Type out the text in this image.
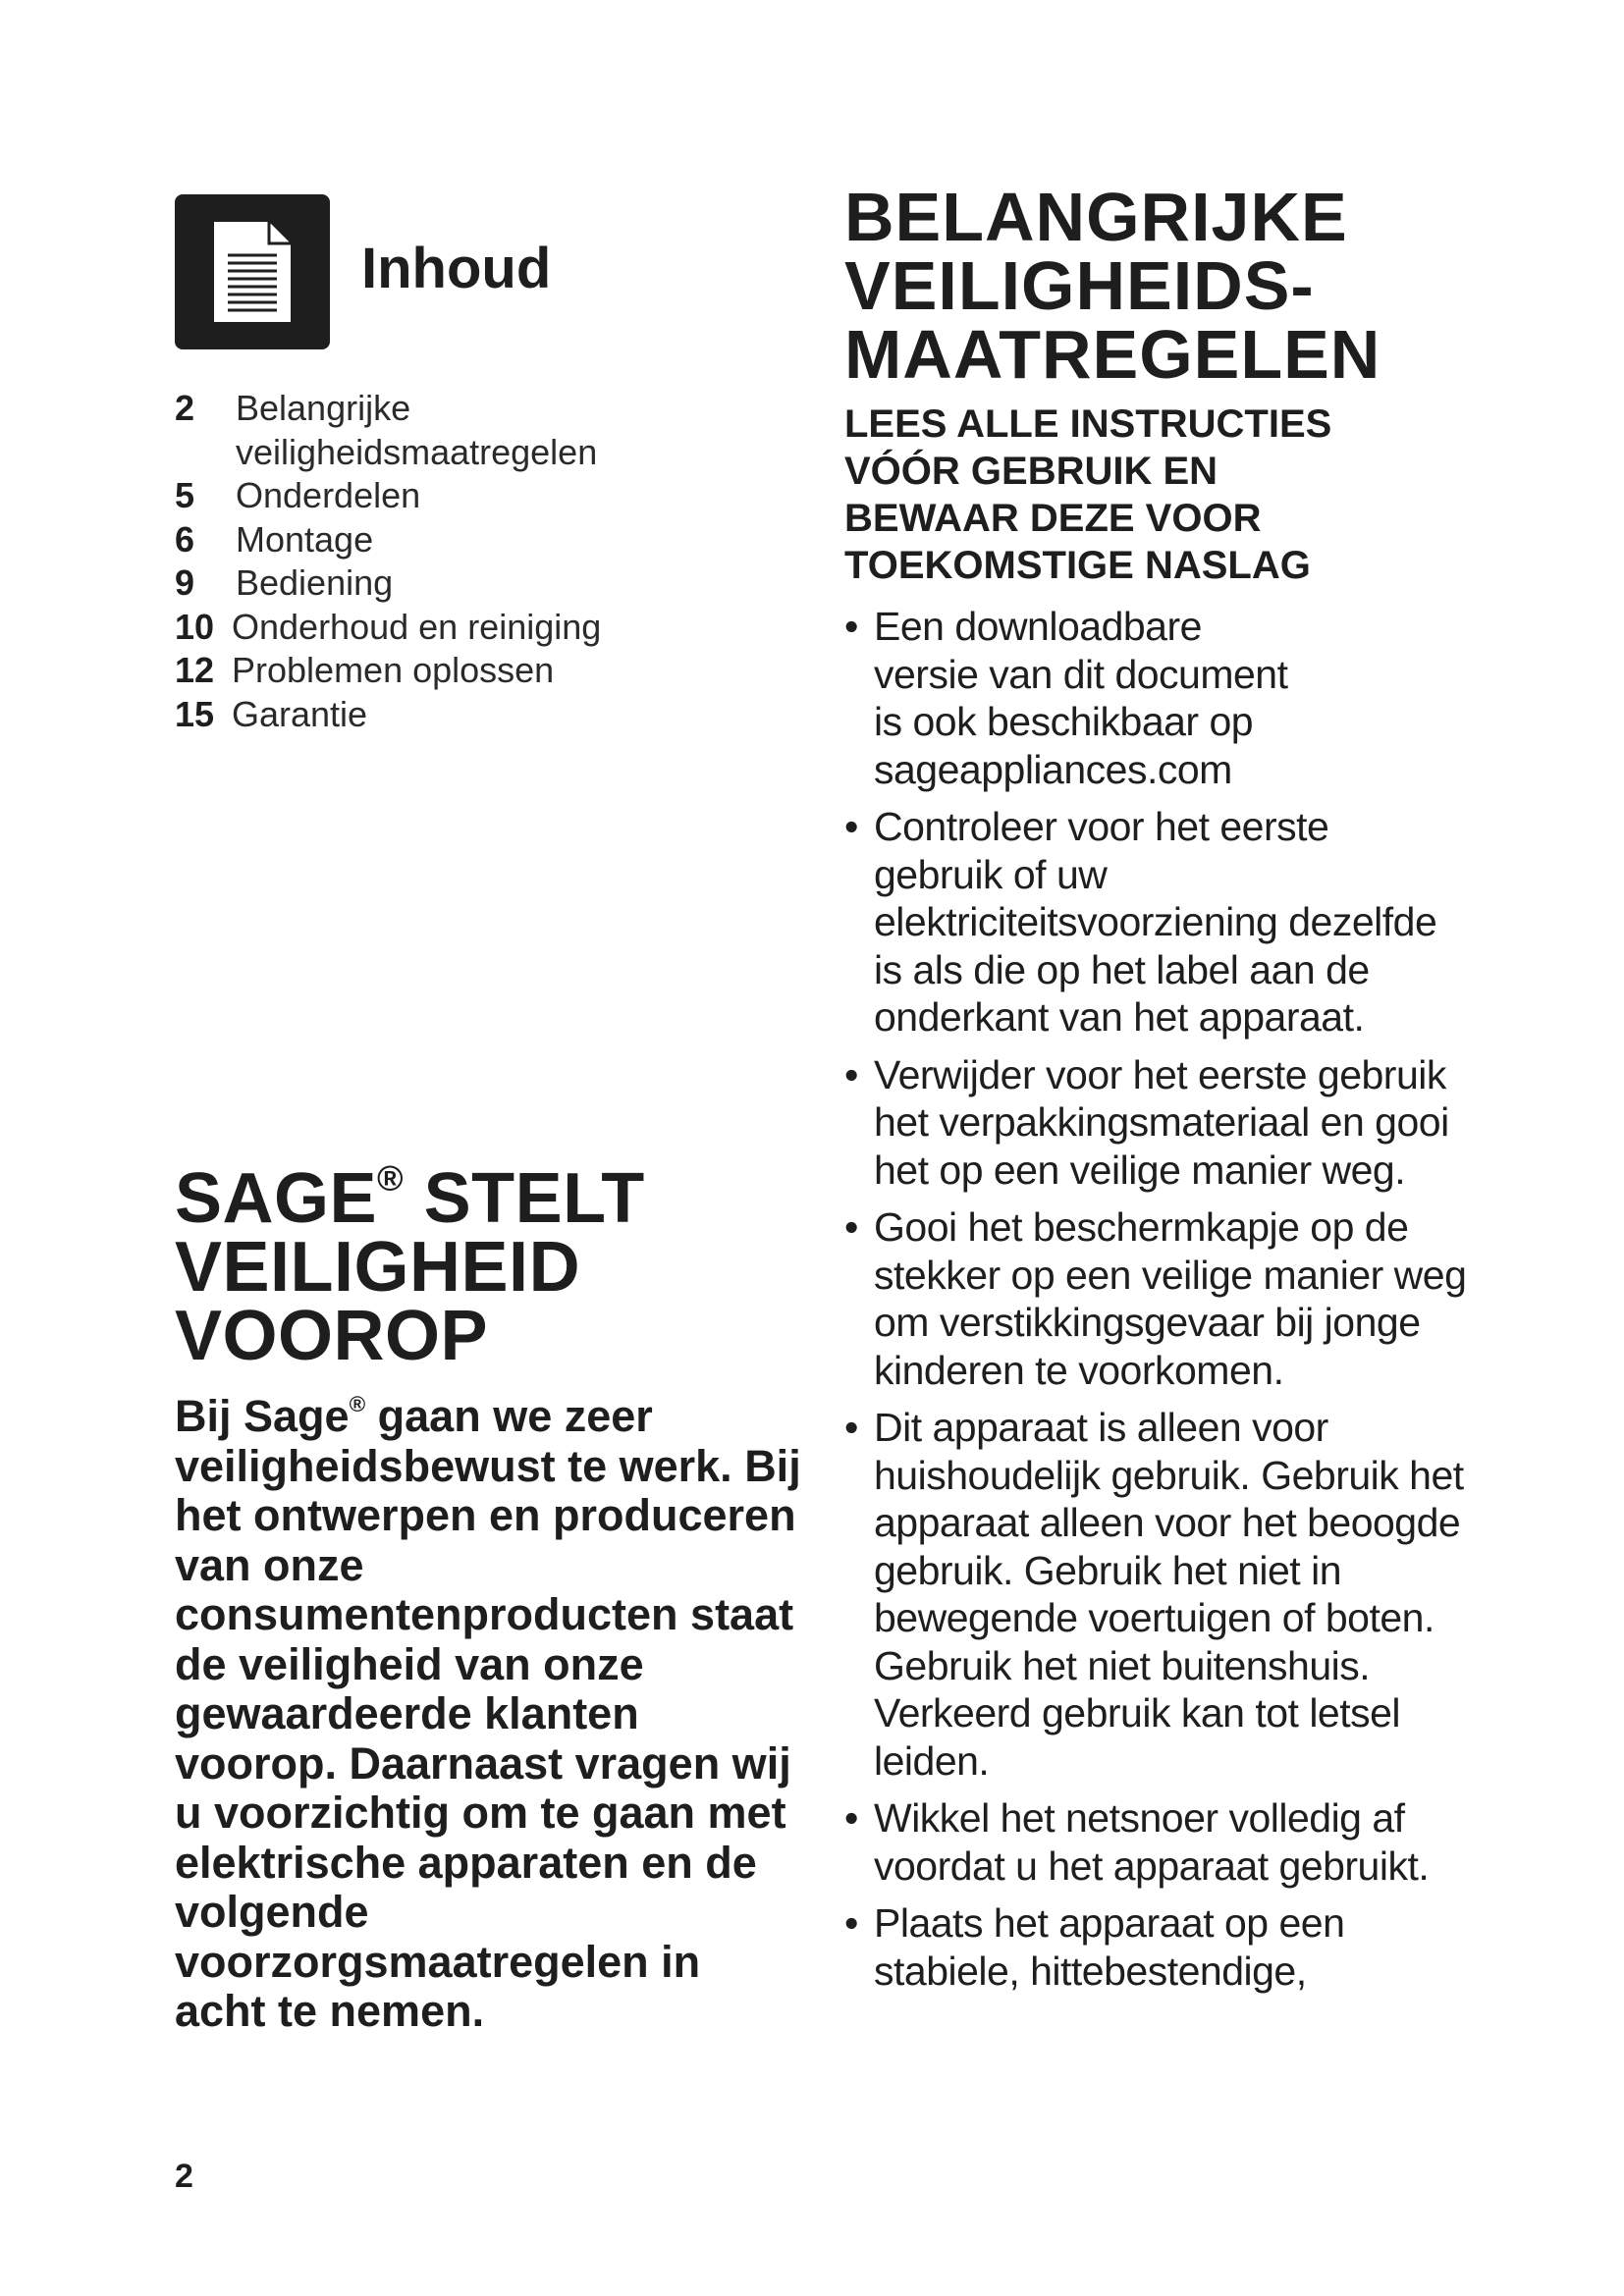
Inhoud
2	Belangrijke veiligheidsmaatregelen
5	Onderdelen
6	Montage
9	Bediening
10 Onderhoud en reiniging
12 Problemen oplossen
15 Garantie
SAGE® STELT
VEILIGHEID
VOOROP

Bij Sage® gaan we zeer veiligheidsbewust te werk. Bij het ontwerpen en produceren van onze consumentenproducten staat de veiligheid van onze gewaardeerde klanten voorop. Daarnaast vragen wij u voorzichtig om te gaan met elektrische apparaten en de volgende voorzorgsmaatregelen in acht te nemen.

BELANGRIJKE
VEILIGHEIDS-
MAATREGELEN
LEES ALLE INSTRUCTIES
VÓÓR GEBRUIK EN
BEWAAR DEZE VOOR
TOEKOMSTIGE NASLAG
• Een downloadbare versie van dit document is ook beschikbaar op sageappliances.com
• Controleer voor het eerste gebruik of uw elektriciteitsvoorziening dezelfde is als die op het label aan de onderkant van het apparaat.
• Verwijder voor het eerste gebruik het verpakkingsmateriaal en gooi het op een veilige manier weg.
• Gooi het beschermkapje op de stekker op een veilige manier weg om verstikkingsgevaar bij jonge kinderen te voorkomen.
• Dit apparaat is alleen voor huishoudelijk gebruik. Gebruik het apparaat alleen voor het beoogde gebruik. Gebruik het niet in bewegende voertuigen of boten. Gebruik het niet buitenshuis. Verkeerd gebruik kan tot letsel leiden.
• Wikkel het netsnoer volledig af voordat u het apparaat gebruikt.
• Plaats het apparaat op een stabiele, hittebestendige,
2
